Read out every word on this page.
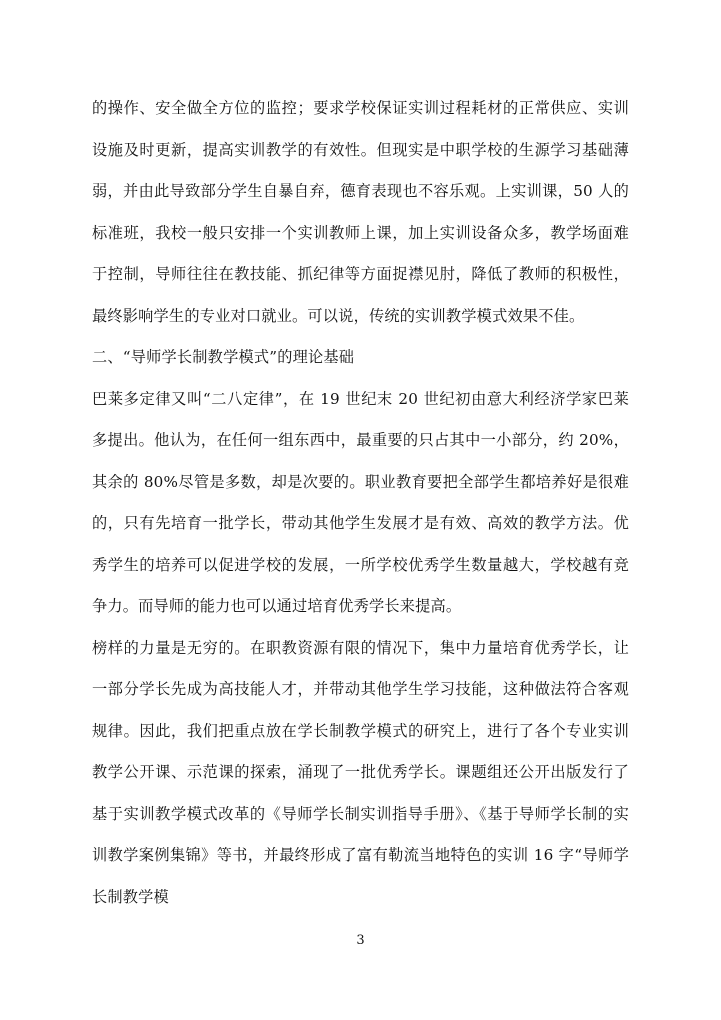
的操作、安全做全方位的监控；要求学校保证实训过程耗材的正常供应、实训设施及时更新，提高实训教学的有效性。但现实是中职学校的生源学习基础薄弱，并由此导致部分学生自暴自弃，德育表现也不容乐观。上实训课，50 人的标准班，我校一般只安排一个实训教师上课，加上实训设备众多，教学场面难于控制，导师往往在教技能、抓纪律等方面捉襟见肘，降低了教师的积极性，最终影响学生的专业对口就业。可以说，传统的实训教学模式效果不佳。

二、“导师学长制教学模式”的理论基础

巴莱多定律又叫“二八定律”，在 19 世纪末 20 世纪初由意大利经济学家巴莱多提出。他认为，在任何一组东西中，最重要的只占其中一小部分，约 20%，其余的 80%尽管是多数，却是次要的。职业教育要把全部学生都培养好是很难的，只有先培育一批学长，带动其他学生发展才是有效、高效的教学方法。优秀学生的培养可以促进学校的发展，一所学校优秀学生数量越大，学校越有竞争力。而导师的能力也可以通过培育优秀学长来提高。

榜样的力量是无穷的。在职教资源有限的情况下，集中力量培育优秀学长，让一部分学长先成为高技能人才，并带动其他学生学习技能，这种做法符合客观规律。因此，我们把重点放在学长制教学模式的研究上，进行了各个专业实训教学公开课、示范课的探索，涌现了一批优秀学长。课题组还公开出版发行了基于实训教学模式改革的《导师学长制实训指导手册》、《基于导师学长制的实训教学案例集锦》等书，并最终形成了富有勒流当地特色的实训 16 字“导师学长制教学模

3
